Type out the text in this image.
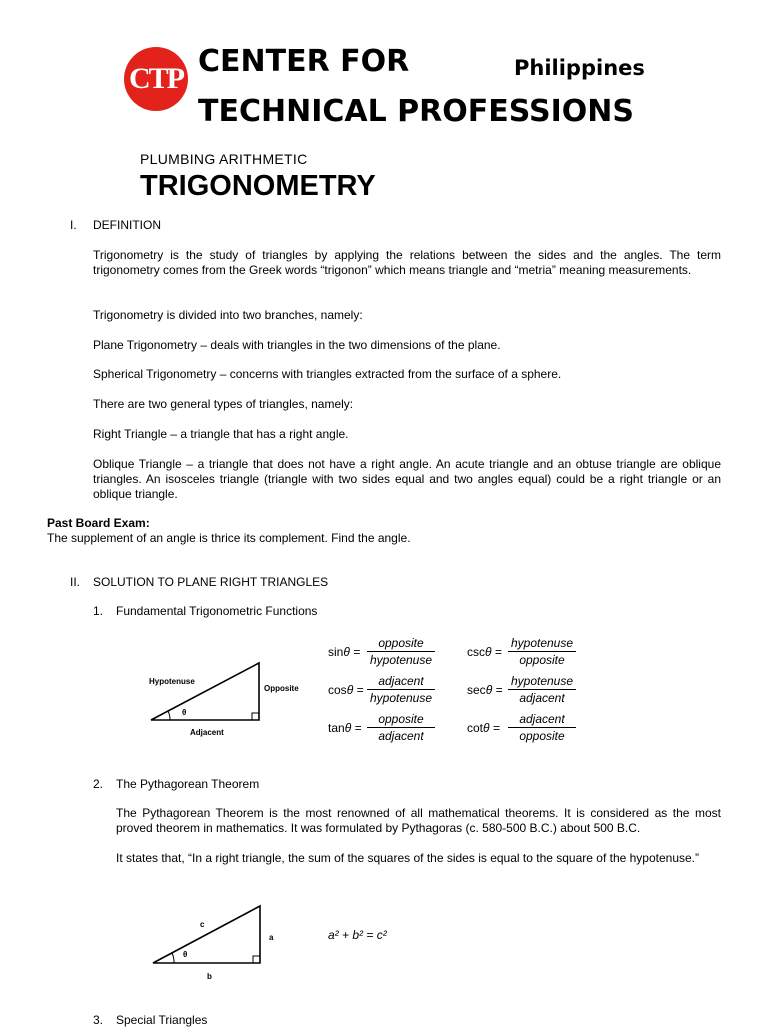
CTP CENTER FOR
TECHNICAL PROFESSIONS
Philippines
PLUMBING ARITHMETIC
TRIGONOMETRY
I. DEFINITION
Trigonometry is the study of triangles by applying the relations between the sides and the angles. The term trigonometry comes from the Greek words “trigonon” which means triangle and “metria” meaning measurements.
Trigonometry is divided into two branches, namely:
Plane Trigonometry – deals with triangles in the two dimensions of the plane.
Spherical Trigonometry – concerns with triangles extracted from the surface of a sphere.
There are two general types of triangles, namely:
Right Triangle – a triangle that has a right angle.
Oblique Triangle – a triangle that does not have a right angle. An acute triangle and an obtuse triangle are oblique triangles. An isosceles triangle (triangle with two sides equal and two angles equal) could be a right triangle or an oblique triangle.
Past Board Exam:
The supplement of an angle is thrice its complement. Find the angle.
II. SOLUTION TO PLANE RIGHT TRIANGLES
1. Fundamental Trigonometric Functions
Hypotenuse
Opposite
Adjacent
θ
sinθ =
opposite
hypotenuse
cosθ =
adjacent
hypotenuse
tanθ =
opposite
adjacent
cscθ =
hypotenuse
opposite
secθ =
hypotenuse
adjacent
cotθ =
adjacent
opposite
2. The Pythagorean Theorem
The Pythagorean Theorem is the most renowned of all mathematical theorems. It is considered as the most proved theorem in mathematics. It was formulated by Pythagoras (c. 580-500 B.C.) about 500 B.C.
It states that, “In a right triangle, the sum of the squares of the sides is equal to the square of the hypotenuse.”
c
a
b
θ
a² + b² = c²
3. Special Triangles
